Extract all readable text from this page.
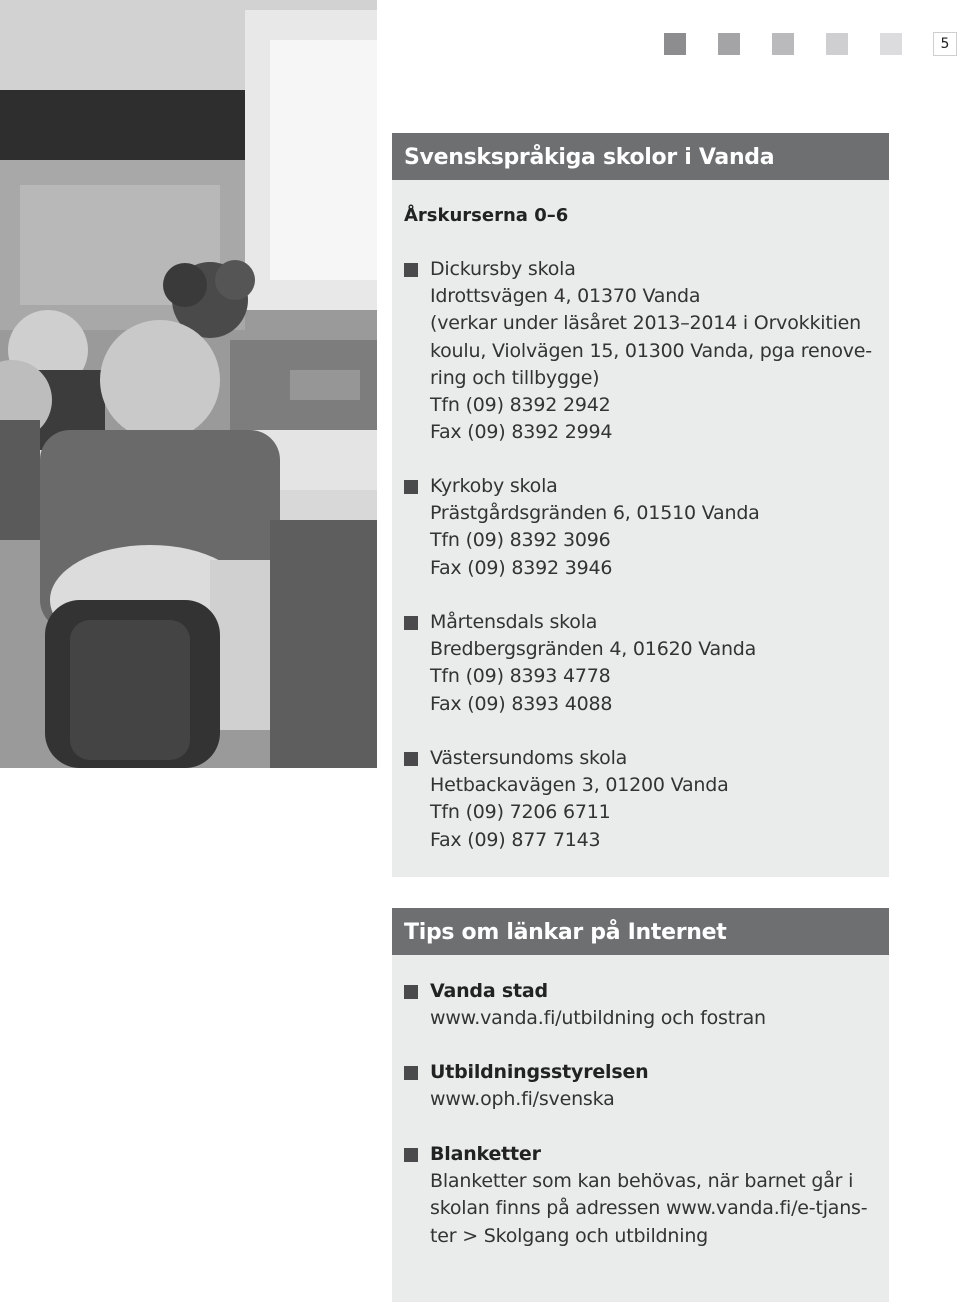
5
Svenskspråkiga skolor i Vanda
Årskurserna 0–6
Dickursby skola
Idrottsvägen 4, 01370 Vanda
(verkar under läsåret 2013–2014 i Orvokkitien
koulu, Violvägen 15, 01300 Vanda, pga renove-
ring och tillbygge)
Tfn (09) 8392 2942
Fax (09) 8392 2994
Kyrkoby skola
Prästgårdsgränden 6, 01510 Vanda
Tfn (09) 8392 3096
Fax (09) 8392 3946
Mårtensdals skola
Bredbergsgränden 4, 01620 Vanda
Tfn (09) 8393 4778
Fax (09) 8393 4088
Västersundoms skola
Hetbackavägen 3, 01200 Vanda
Tfn (09) 7206 6711
Fax (09) 877 7143
Tips om länkar på Internet
Vanda stad
www.vanda.fi/utbildning och fostran
Utbildningsstyrelsen
www.oph.fi/svenska
Blanketter
Blanketter som kan behövas, när barnet går i
skolan finns på adressen www.vanda.fi/e-tjans-
ter > Skolgang och utbildning
